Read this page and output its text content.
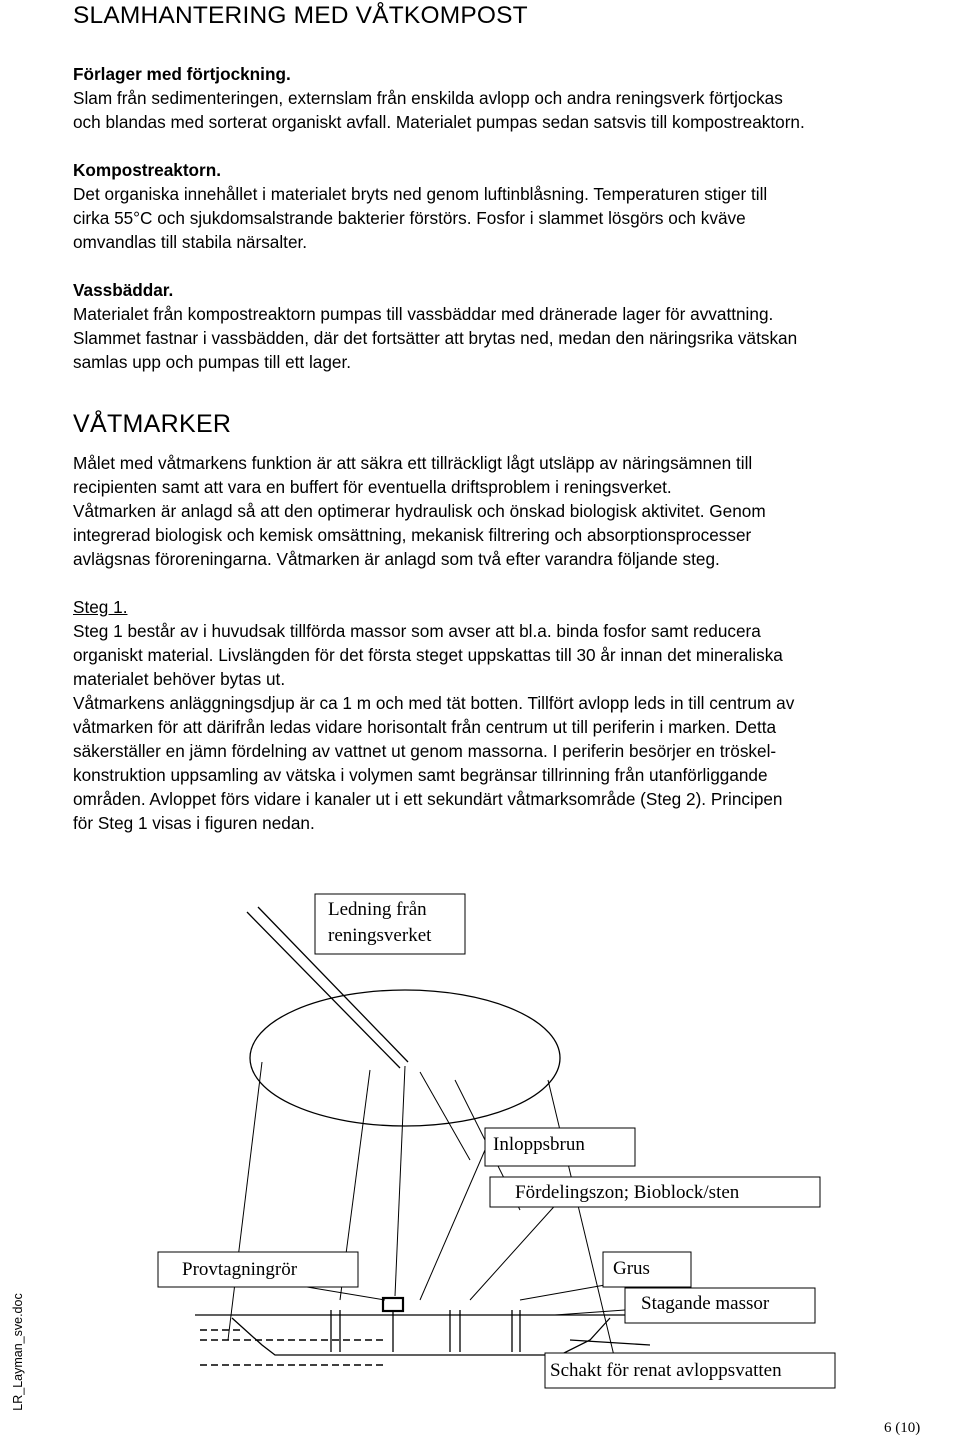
SLAMHANTERING MED VÅTKOMPOST
Förlager med förtjockning.
Slam från sedimenteringen, externslam från enskilda avlopp och andra reningsverk förtjockas
och blandas med sorterat organiskt avfall. Materialet pumpas sedan satsvis till kompostreaktorn.
Kompostreaktorn.
Det organiska innehållet i materialet bryts ned genom luftinblåsning. Temperaturen stiger till
cirka 55°C och sjukdomsalstrande bakterier förstörs. Fosfor i slammet lösgörs och kväve
omvandlas till stabila närsalter.
Vassbäddar.
Materialet från kompostreaktorn pumpas till vassbäddar med dränerade lager för avvattning.
Slammet fastnar i vassbädden, där det fortsätter att brytas ned, medan den näringsrika vätskan
samlas upp och pumpas till ett lager.
VÅTMARKER
Målet med våtmarkens funktion är att säkra ett tillräckligt lågt utsläpp av näringsämnen till
recipienten samt att vara en buffert för eventuella driftsproblem i reningsverket.
Våtmarken är anlagd så att den optimerar hydraulisk och önskad biologisk aktivitet. Genom
integrerad biologisk och kemisk omsättning, mekanisk filtrering och absorptionsprocesser
avlägsnas föroreningarna. Våtmarken är anlagd som två efter varandra följande steg.
Steg 1.
Steg 1 består av i huvudsak tillförda massor som avser att bl.a. binda fosfor samt reducera
organiskt material. Livslängden för det första steget uppskattas till 30 år innan det mineraliska
materialet behöver bytas ut.
Våtmarkens anläggningsdjup är ca 1 m och med tät botten. Tillfört avlopp leds in till centrum av
våtmarken för att därifrån ledas vidare horisontalt från centrum ut till periferin i marken. Detta
säkerställer en jämn fördelning av vattnet ut genom massorna. I periferin besörjer en tröskel-
konstruktion uppsamling av vätska i volymen samt begränsar tillrinning från utanförliggande
områden. Avloppet förs vidare i kanaler ut i ett sekundärt våtmarksområde (Steg 2). Principen
för Steg 1 visas i figuren nedan.
Ledning från
reningsverket
Inloppsbrun
Fördelingszon; Bioblock/sten
Provtagningrör	Grus
Stagande massor
Schakt för renat avloppsvatten
LR_Layman_sve.doc
6 (10)
